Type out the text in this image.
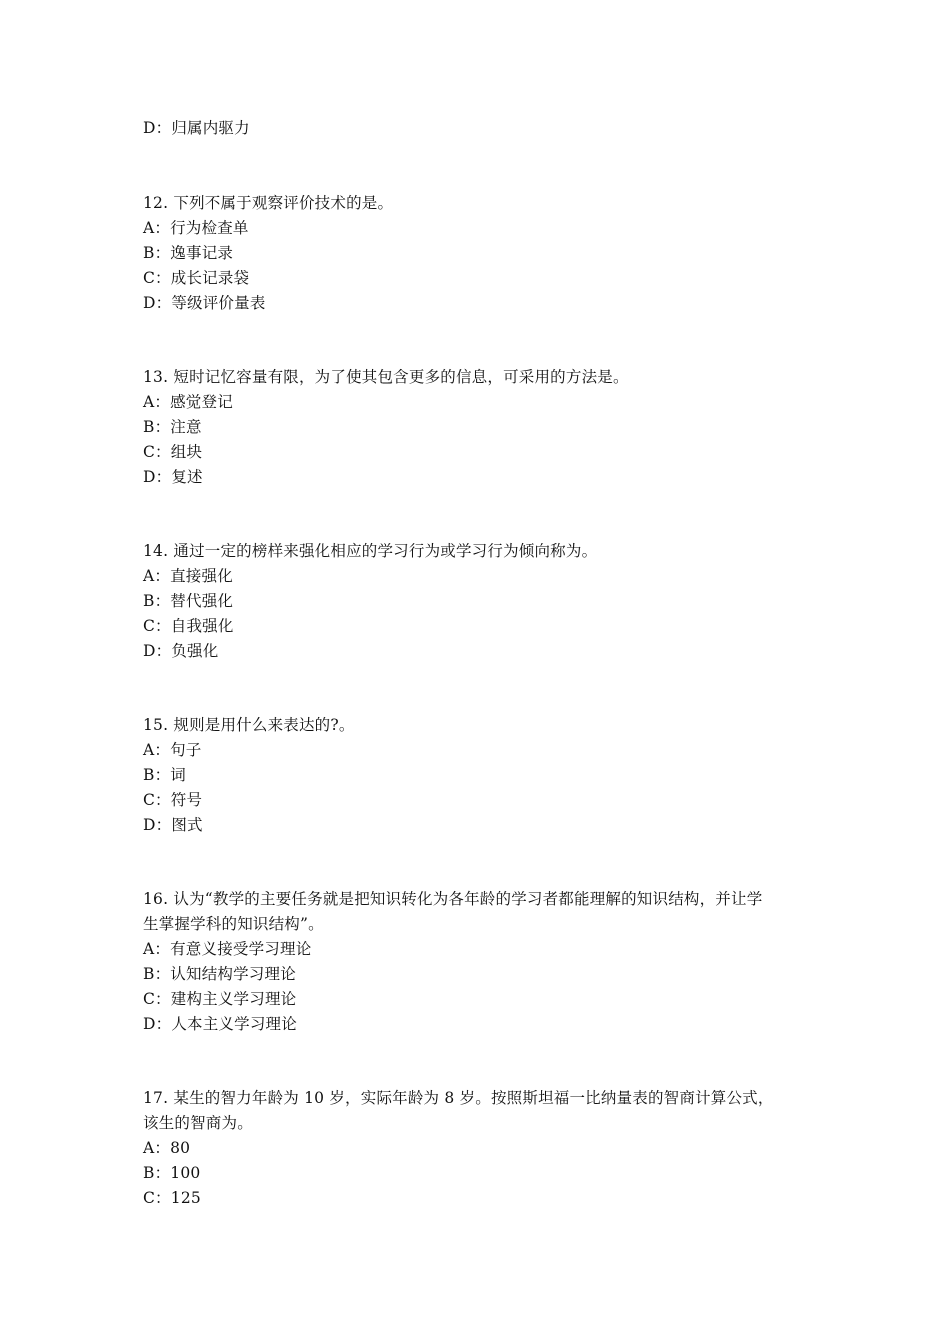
D：归属内驱力
12. 下列不属于观察评价技术的是。
A：行为检查单
B：逸事记录
C：成长记录袋
D：等级评价量表
13. 短时记忆容量有限，为了使其包含更多的信息，可采用的方法是。
A：感觉登记
B：注意
C：组块
D：复述
14. 通过一定的榜样来强化相应的学习行为或学习行为倾向称为。
A：直接强化
B：替代强化
C：自我强化
D：负强化
15. 规则是用什么来表达的?。
A：句子
B：词
C：符号
D：图式
16. 认为“教学的主要任务就是把知识转化为各年龄的学习者都能理解的知识结构，并让学
生掌握学科的知识结构”。
A：有意义接受学习理论
B：认知结构学习理论
C：建构主义学习理论
D：人本主义学习理论
17. 某生的智力年龄为 10 岁，实际年龄为 8 岁。按照斯坦福一比纳量表的智商计算公式，
该生的智商为。
A：80
B：100
C：125
